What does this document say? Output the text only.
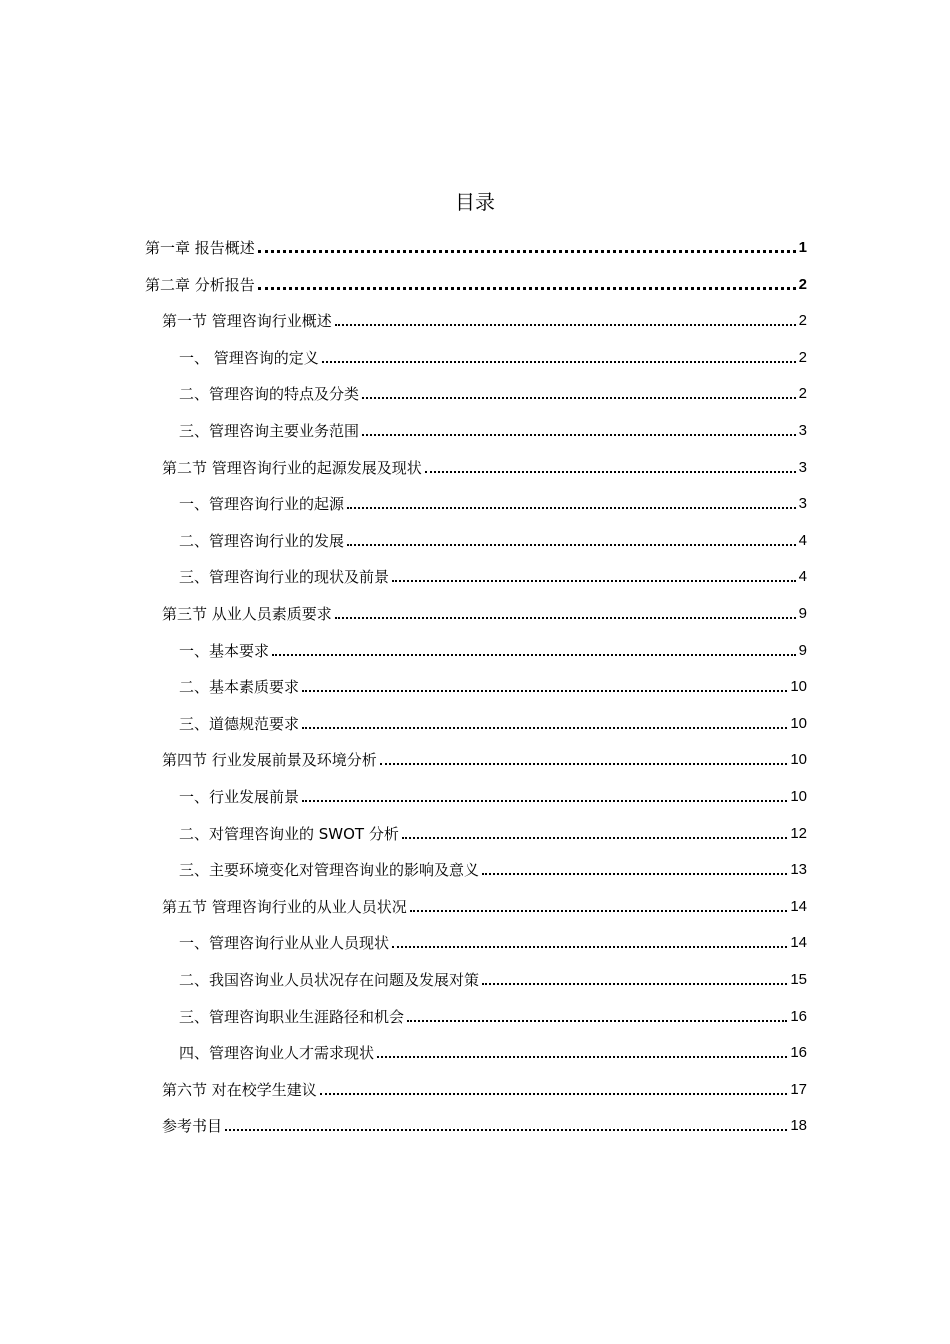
目录
第一章 报告概述	1
第二章 分析报告	2
第一节 管理咨询行业概述	2
一、 管理咨询的定义	2
二、管理咨询的特点及分类	2
三、管理咨询主要业务范围	3
第二节 管理咨询行业的起源发展及现状	3
一、管理咨询行业的起源	3
二、管理咨询行业的发展	4
三、管理咨询行业的现状及前景	4
第三节 从业人员素质要求	9
一、基本要求	9
二、基本素质要求	10
三、道德规范要求	10
第四节 行业发展前景及环境分析	10
一、行业发展前景	10
二、对管理咨询业的 SWOT 分析	12
三、主要环境变化对管理咨询业的影响及意义	13
第五节 管理咨询行业的从业人员状况	14
一、管理咨询行业从业人员现状	14
二、我国咨询业人员状况存在问题及发展对策	15
三、管理咨询职业生涯路径和机会	16
四、管理咨询业人才需求现状	16
第六节 对在校学生建议	17
参考书目	18
